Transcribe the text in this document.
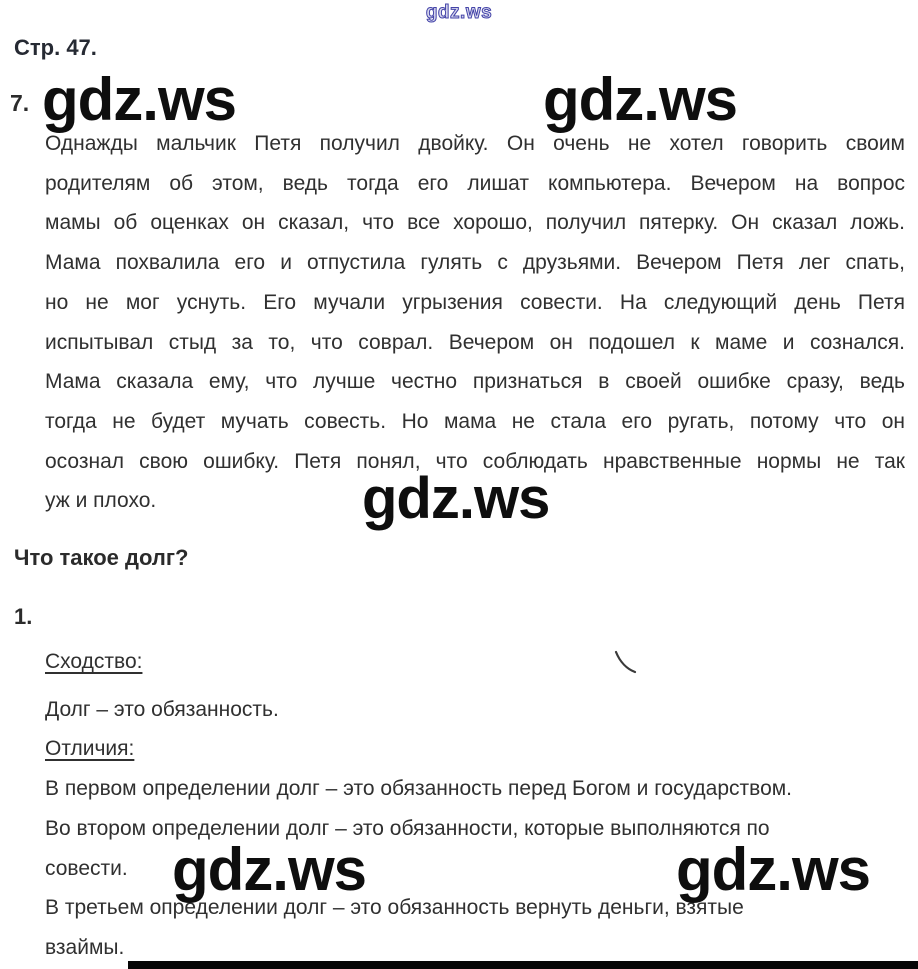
gdz.ws
Стр. 47.
7. gdz.ws	gdz.ws
Однажды мальчик Петя получил двойку. Он очень не хотел говорить своим
родителям об этом, ведь тогда его лишат компьютера. Вечером на вопрос
мамы об оценках он сказал, что все хорошо, получил пятерку. Он сказал ложь.
Мама похвалила его и отпустила гулять с друзьями. Вечером Петя лег спать,
но не мог уснуть. Его мучали угрызения совести. На следующий день Петя
испытывал стыд за то, что соврал. Вечером он подошел к маме и сознался.
Мама сказала ему, что лучше честно признаться в своей ошибке сразу, ведь
тогда не будет мучать совесть. Но мама не стала его ругать, потому что он
осознал свою ошибку. Петя понял, что соблюдать нравственные нормы не так
уж и плохо.	gdz.ws
Что такое долг?
1.
Сходство:
Долг – это обязанность.
Отличия:
В первом определении долг – это обязанность перед Богом и государством.
Во втором определении долг – это обязанности, которые выполняются по
совести.
В третьем определении долг – это обязанность вернуть деньги, взятые
взаймы.
gdz.ws	gdz.ws
